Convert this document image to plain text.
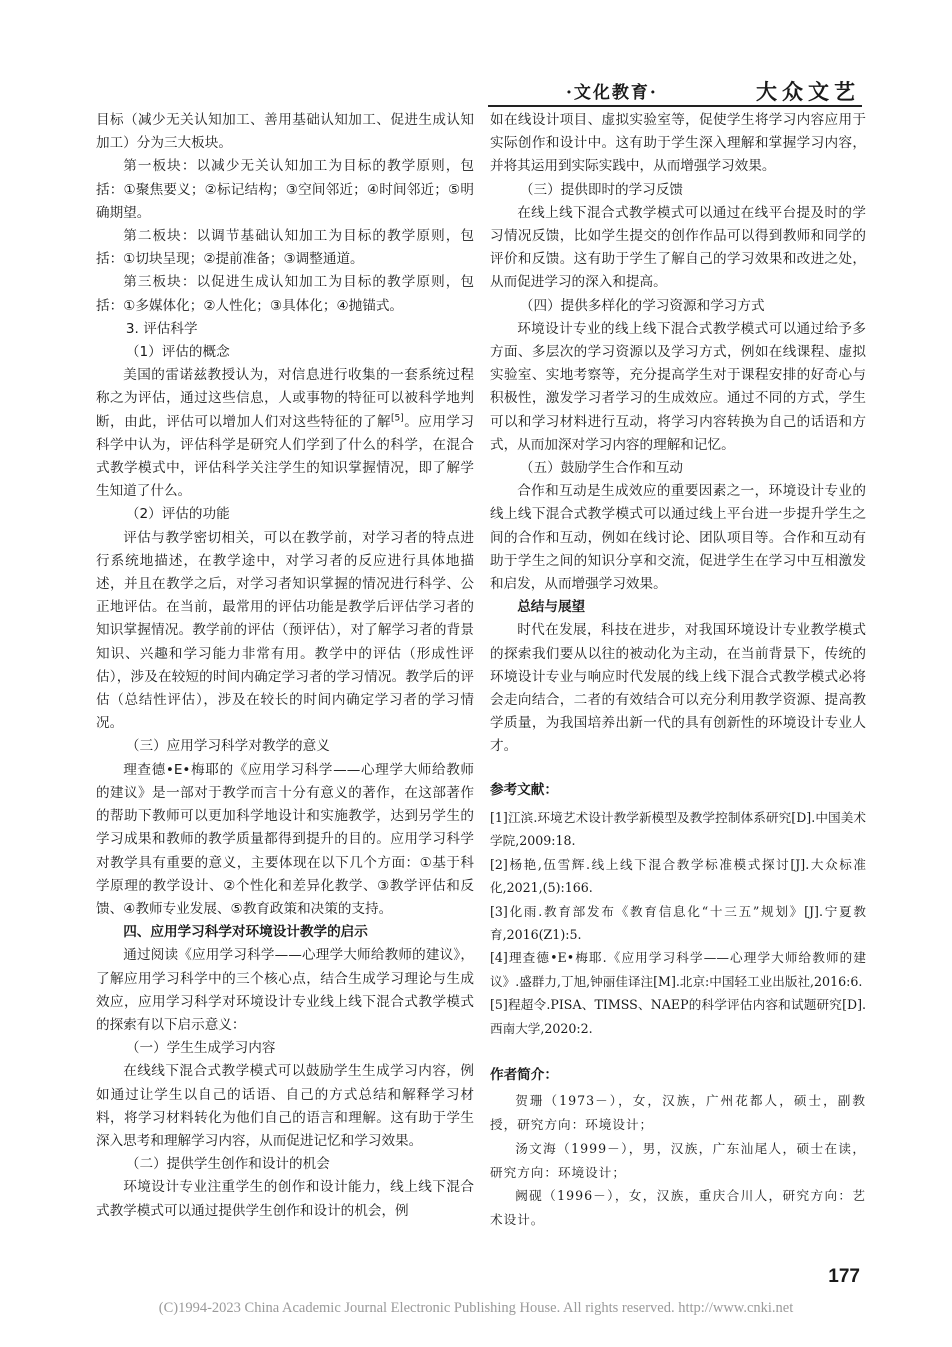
·文化教育·	大众文艺

目标（减少无关认知加工、善用基础认知加工、促进生成认知加工）分为三大板块。

第一板块：以减少无关认知加工为目标的教学原则，包括：①聚焦要义；②标记结构；③空间邻近；④时间邻近；⑤明确期望。

第二板块：以调节基础认知加工为目标的教学原则，包括：①切块呈现；②提前准备；③调整通道。

第三板块：以促进生成认知加工为目标的教学原则，包括：①多媒体化；②人性化；③具体化；④抛锚式。

3. 评估科学

（1）评估的概念

美国的雷诺兹教授认为，对信息进行收集的一套系统过程称之为评估，通过这些信息，人或事物的特征可以被科学地判断，由此，评估可以增加人们对这些特征的了解[5]。应用学习科学中认为，评估科学是研究人们学到了什么的科学，在混合式教学模式中，评估科学关注学生的知识掌握情况，即了解学生知道了什么。

（2）评估的功能

评估与教学密切相关，可以在教学前，对学习者的特点进行系统地描述，在教学途中，对学习者的反应进行具体地描述，并且在教学之后，对学习者知识掌握的情况进行科学、公正地评估。在当前，最常用的评估功能是教学后评估学习者的知识掌握情况。教学前的评估（预评估），对了解学习者的背景知识、兴趣和学习能力非常有用。教学中的评估（形成性评估），涉及在较短的时间内确定学习者的学习情况。教学后的评估（总结性评估），涉及在较长的时间内确定学习者的学习情况。

（三）应用学习科学对教学的意义

理查德•E•梅耶的《应用学习科学——心理学大师给教师的建议》是一部对于教学而言十分有意义的著作，在这部著作的帮助下教师可以更加科学地设计和实施教学，达到另学生的学习成果和教师的教学质量都得到提升的目的。应用学习科学对教学具有重要的意义，主要体现在以下几个方面：①基于科学原理的教学设计、②个性化和差异化教学、③教学评估和反馈、④教师专业发展、⑤教育政策和决策的支持。

四、应用学习科学对环境设计教学的启示

通过阅读《应用学习科学——心理学大师给教师的建议》，了解应用学习科学中的三个核心点，结合生成学习理论与生成效应，应用学习科学对环境设计专业线上线下混合式教学模式的探索有以下启示意义：

（一）学生生成学习内容

在线线下混合式教学模式可以鼓励学生生成学习内容，例如通过让学生以自己的话语、自己的方式总结和解释学习材料，将学习材料转化为他们自己的语言和理解。这有助于学生深入思考和理解学习内容，从而促进记忆和学习效果。

（二）提供学生创作和设计的机会

环境设计专业注重学生的创作和设计能力，线上线下混合式教学模式可以通过提供学生创作和设计的机会，例

如在线设计项目、虚拟实验室等，促使学生将学习内容应用于实际创作和设计中。这有助于学生深入理解和掌握学习内容，并将其运用到实际实践中，从而增强学习效果。

（三）提供即时的学习反馈

在线上线下混合式教学模式可以通过在线平台提及时的学习情况反馈，比如学生提交的创作作品可以得到教师和同学的评价和反馈。这有助于学生了解自己的学习效果和改进之处，从而促进学习的深入和提高。

（四）提供多样化的学习资源和学习方式

环境设计专业的线上线下混合式教学模式可以通过给予多方面、多层次的学习资源以及学习方式，例如在线课程、虚拟实验室、实地考察等，充分提高学生对于课程安排的好奇心与积极性，激发学习者学习的生成效应。通过不同的方式，学生可以和学习材料进行互动，将学习内容转换为自己的话语和方式，从而加深对学习内容的理解和记忆。

（五）鼓励学生合作和互动

合作和互动是生成效应的重要因素之一，环境设计专业的线上线下混合式教学模式可以通过线上平台进一步提升学生之间的合作和互动，例如在线讨论、团队项目等。合作和互动有助于学生之间的知识分享和交流，促进学生在学习中互相激发和启发，从而增强学习效果。

总结与展望

时代在发展，科技在进步，对我国环境设计专业教学模式的探索我们要从以往的被动化为主动，在当前背景下，传统的环境设计专业与响应时代发展的线上线下混合式教学模式必将会走向结合，二者的有效结合可以充分利用教学资源、提高教学质量，为我国培养出新一代的具有创新性的环境设计专业人才。

参考文献：

[1]江滨.环境艺术设计教学新模型及教学控制体系研究[D].中国美术学院,2009:18.

[2]杨艳,伍雪辉.线上线下混合教学标准模式探讨[J].大众标准化,2021,(5):166.

[3]化雨.教育部发布《教育信息化“十三五”规划》[J].宁夏教育,2016(Z1):5.

[4]理查德•E•梅耶.《应用学习科学——心理学大师给教师的建议》.盛群力,丁旭,钟丽佳译注[M].北京:中国轻工业出版社,2016:6.

[5]程超令.PISA、TIMSS、NAEP的科学评估内容和试题研究[D].西南大学,2020:2.

作者简介：

贺珊（1973－），女，汉族，广州花都人，硕士，副教授，研究方向：环境设计；

汤文海（1999－），男，汉族，广东汕尾人，硕士在读，研究方向：环境设计；

阙砚（1996－），女，汉族，重庆合川人，研究方向：艺术设计。

177
(C)1994-2023 China Academic Journal Electronic Publishing House. All rights reserved. http://www.cnki.net
